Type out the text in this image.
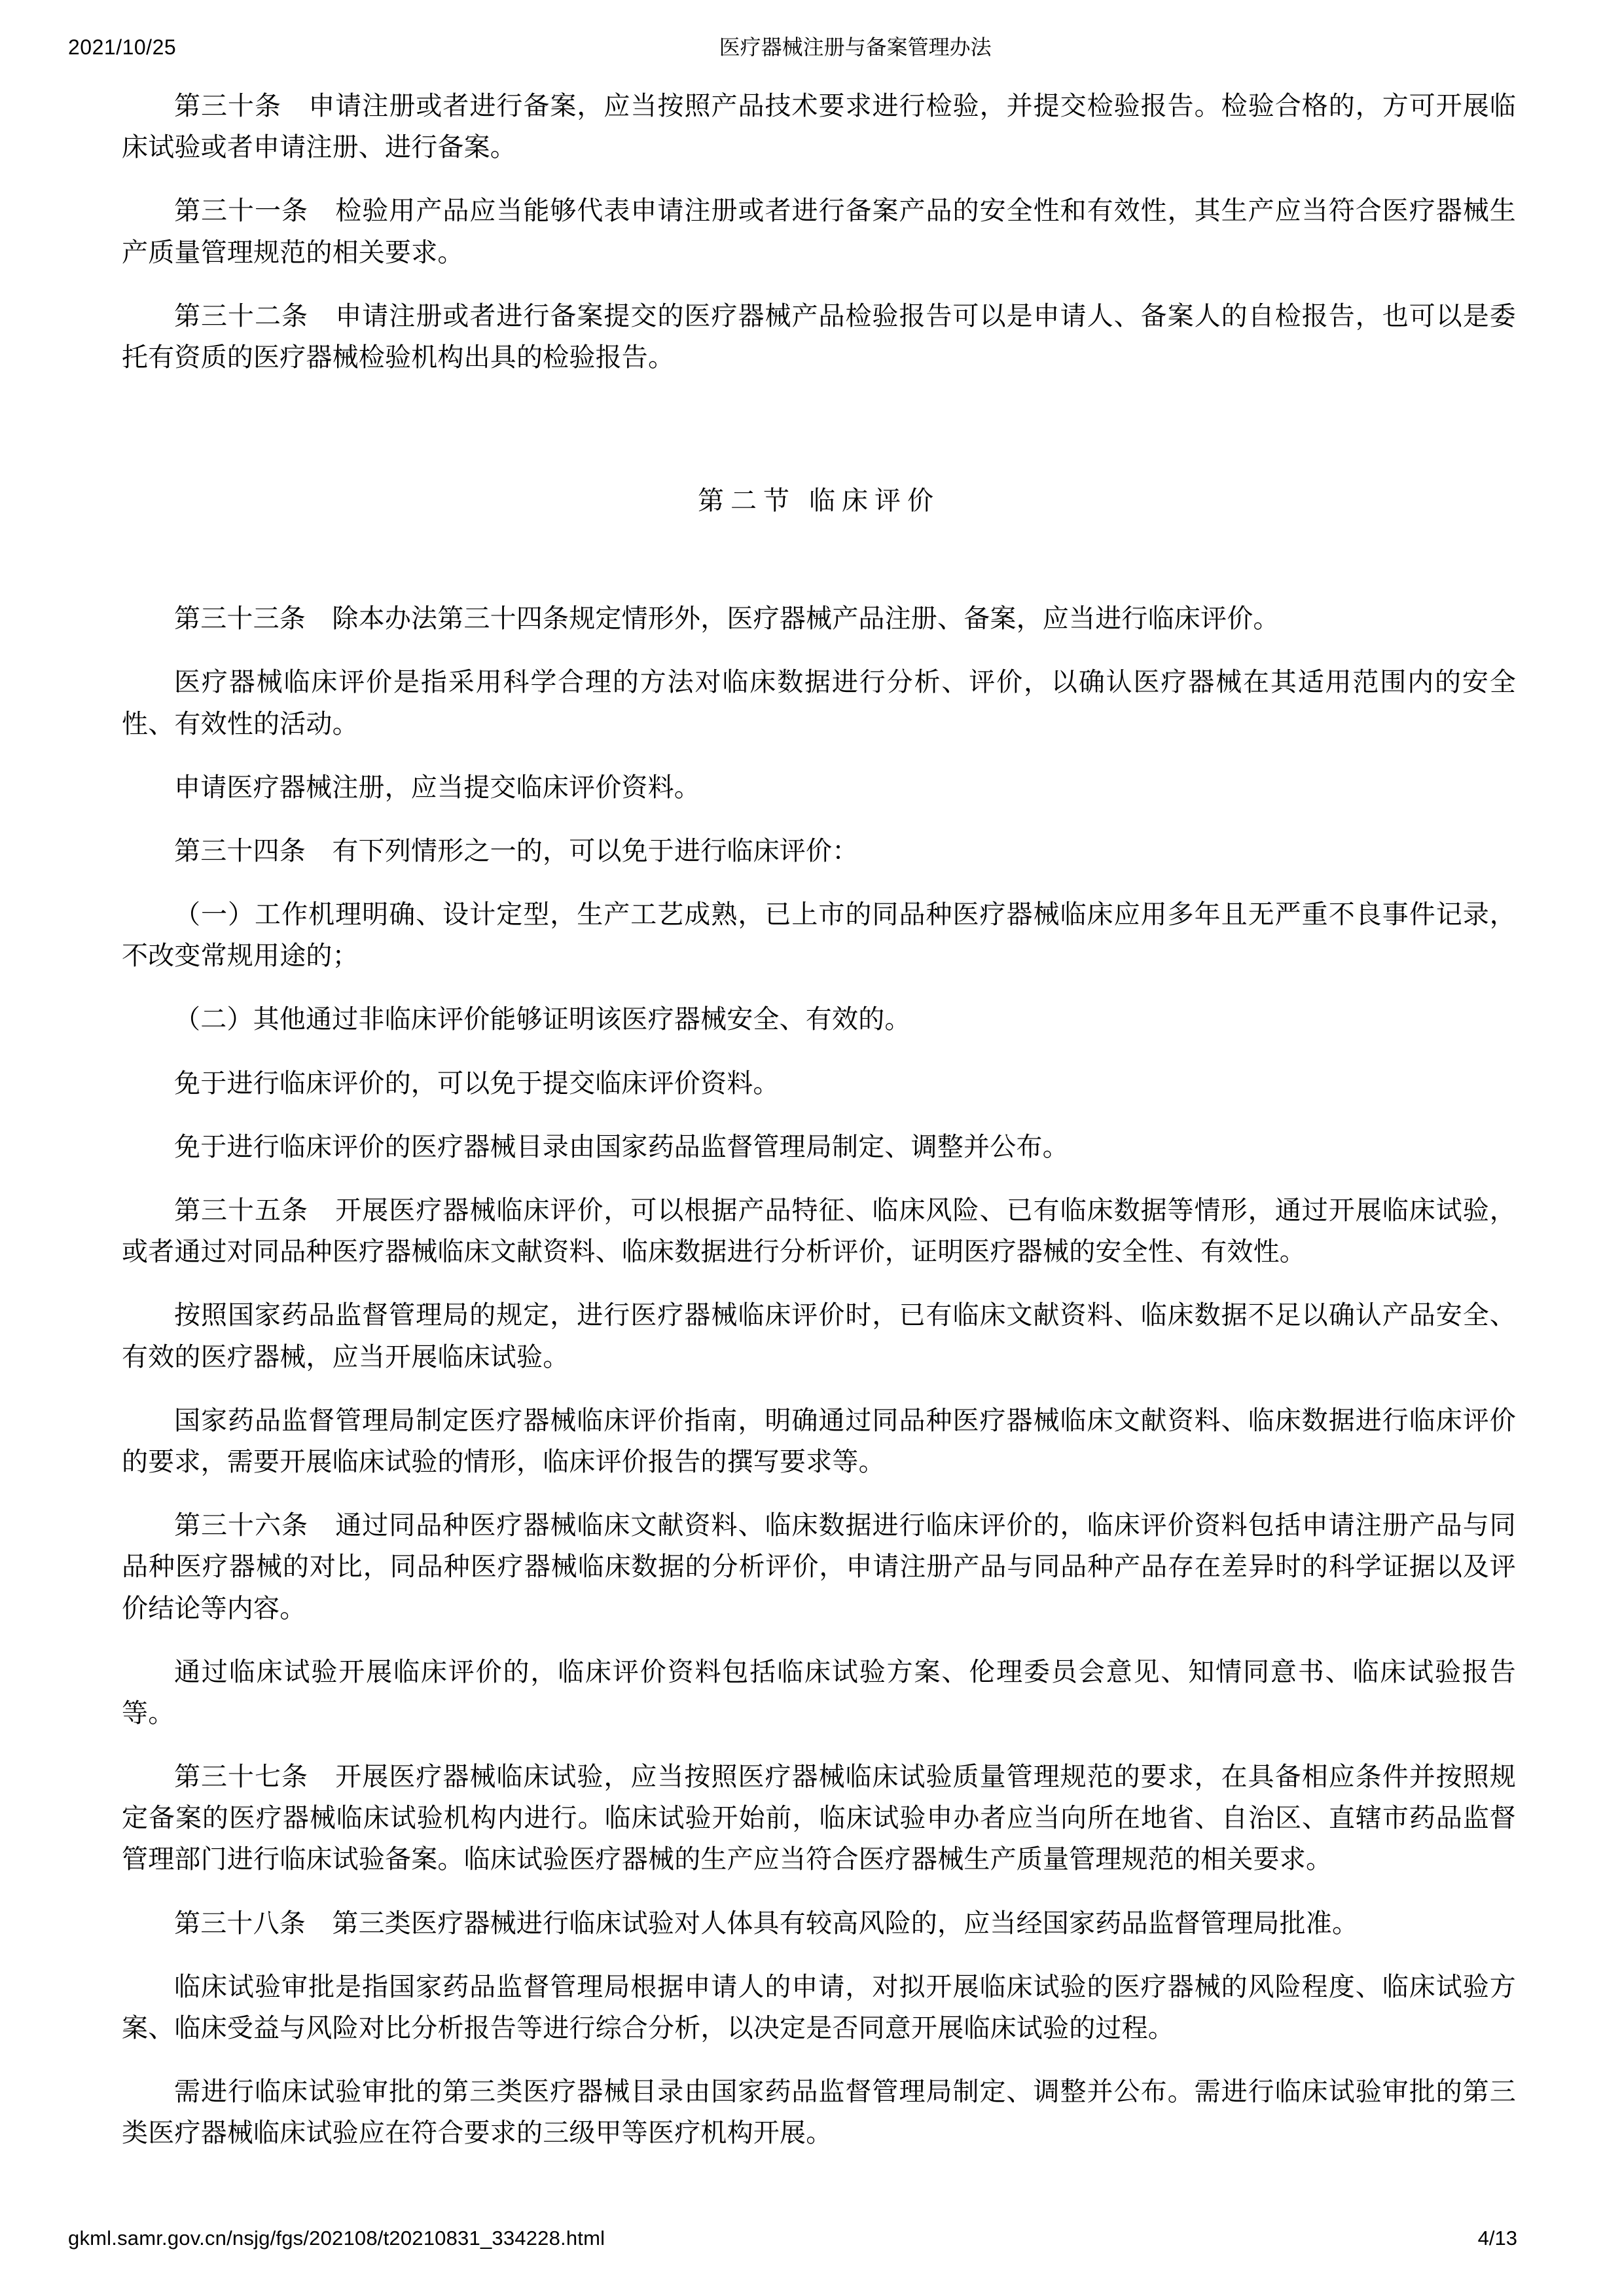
2021/10/25	医疗器械注册与备案管理办法

第三十条 申请注册或者进行备案，应当按照产品技术要求进行检验，并提交检验报告。检验合格的，方可开展临床试验或者申请注册、进行备案。

第三十一条 检验用产品应当能够代表申请注册或者进行备案产品的安全性和有效性，其生产应当符合医疗器械生产质量管理规范的相关要求。

第三十二条 申请注册或者进行备案提交的医疗器械产品检验报告可以是申请人、备案人的自检报告，也可以是委托有资质的医疗器械检验机构出具的检验报告。

第二节 临床评价

第三十三条 除本办法第三十四条规定情形外，医疗器械产品注册、备案，应当进行临床评价。

医疗器械临床评价是指采用科学合理的方法对临床数据进行分析、评价，以确认医疗器械在其适用范围内的安全性、有效性的活动。

申请医疗器械注册，应当提交临床评价资料。

第三十四条 有下列情形之一的，可以免于进行临床评价：

（一）工作机理明确、设计定型，生产工艺成熟，已上市的同品种医疗器械临床应用多年且无严重不良事件记录，不改变常规用途的；

（二）其他通过非临床评价能够证明该医疗器械安全、有效的。

免于进行临床评价的，可以免于提交临床评价资料。

免于进行临床评价的医疗器械目录由国家药品监督管理局制定、调整并公布。

第三十五条 开展医疗器械临床评价，可以根据产品特征、临床风险、已有临床数据等情形，通过开展临床试验，或者通过对同品种医疗器械临床文献资料、临床数据进行分析评价，证明医疗器械的安全性、有效性。

按照国家药品监督管理局的规定，进行医疗器械临床评价时，已有临床文献资料、临床数据不足以确认产品安全、有效的医疗器械，应当开展临床试验。

国家药品监督管理局制定医疗器械临床评价指南，明确通过同品种医疗器械临床文献资料、临床数据进行临床评价的要求，需要开展临床试验的情形，临床评价报告的撰写要求等。

第三十六条 通过同品种医疗器械临床文献资料、临床数据进行临床评价的，临床评价资料包括申请注册产品与同品种医疗器械的对比，同品种医疗器械临床数据的分析评价，申请注册产品与同品种产品存在差异时的科学证据以及评价结论等内容。

通过临床试验开展临床评价的，临床评价资料包括临床试验方案、伦理委员会意见、知情同意书、临床试验报告等。

第三十七条 开展医疗器械临床试验，应当按照医疗器械临床试验质量管理规范的要求，在具备相应条件并按照规定备案的医疗器械临床试验机构内进行。临床试验开始前，临床试验申办者应当向所在地省、自治区、直辖市药品监督管理部门进行临床试验备案。临床试验医疗器械的生产应当符合医疗器械生产质量管理规范的相关要求。

第三十八条 第三类医疗器械进行临床试验对人体具有较高风险的，应当经国家药品监督管理局批准。

临床试验审批是指国家药品监督管理局根据申请人的申请，对拟开展临床试验的医疗器械的风险程度、临床试验方案、临床受益与风险对比分析报告等进行综合分析，以决定是否同意开展临床试验的过程。

需进行临床试验审批的第三类医疗器械目录由国家药品监督管理局制定、调整并公布。需进行临床试验审批的第三类医疗器械临床试验应在符合要求的三级甲等医疗机构开展。

gkml.samr.gov.cn/nsjg/fgs/202108/t20210831_334228.html	4/13
